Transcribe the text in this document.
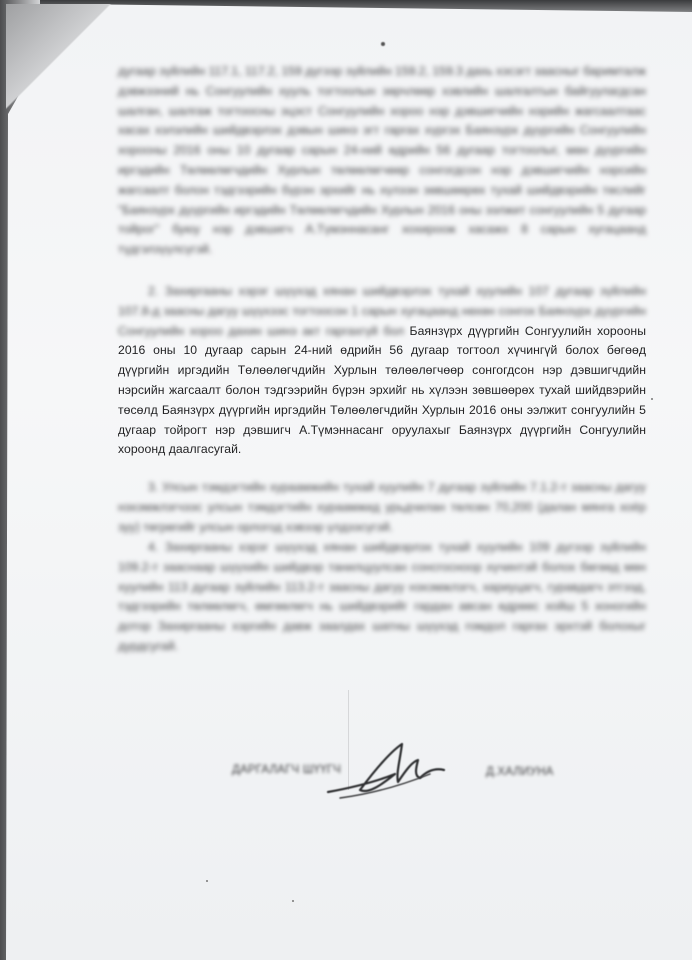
дугаар зүйлийн 117.1, 117.2, 159 дүгээр зүйлийн 159.2, 159.3 дахь хэсэгт заасныг баримталж дэвжээний нь Сонгуулийн хууль тогтоолын зөрчлөөр хэвлийн шалгалтын байгуулагдсан шалган, шалгаж тогтоосны эцэст Сонгуулийн хороо нэр дэвшигчийн нэрийн жагсаалтаас хасах хэлэлийн шийдвэрлэх дэвын шинэ эгт гаргах хүргэх Баянзүрх дүүргийн Сонгуулийн хорооны 2016 оны 10 дугаар сарын 24-ний өдрийн 56 дугаар тогтоолыг, мөн дүүргийн иргэдийн Төлөөлөгчдийн Хурлын төлөөлөгчөөр сонгогдсон нэр дэвшигчийн нэрсийн жагсаалт болон тэдгээрийн бүрэн эрхийг нь хүлээн зөвшөөрөх тухай шийдвэрийн төслийг "Баянзүрх дүүргийн иргэдийн Төлөөлөгчдийн Хурлын 2016 оны ээлжит сонгуулийн 5 дугаар тойрог" буюу нэр дэвшигч А.Түмэннасанг хохироож хасажх 8 сарын хугацаанд түдгэлзүүлсүгэй.

2. Захиргааны хэрэг шүүхэд хянан шийдвэрлэх тухай хуулийн 107 дугаар зүйлийн 107.8-д заасны дагуу шүүхээс тогтоосон 1 сарын хугацаанд нөхөн сонгох Баянзүрх дүүргийн Сонгуулийн хороо дахин шинэ акт гаргахгүй бол Баянзүрх дүүргийн Сонгуулийн хорооны 2016 оны 10 дугаар сарын 24-ний өдрийн 56 дугаар тогтоол хүчингүй болох бөгөөд дүүргийн иргэдийн Төлөөлөгчдийн Хурлын төлөөлөгчөөр сонгогдсон нэр дэвшигчдийн нэрсийн жагсаалт болон тэдгээрийн бүрэн эрхийг нь хүлээн зөвшөөрөх тухай шийдвэрийн төсөлд Баянзүрх дүүргийн иргэдийн Төлөөлөгчдийн Хурлын 2016 оны ээлжит сонгуулийн 5 дугаар тойрогт нэр дэвшигч А.Түмэннасанг оруулахыг Баянзүрх дүүргийн Сонгуулийн хороонд даалгасугай.

3. Улсын тэмдэгтийн хураамжийн тухай хуулийн 7 дугаар зүйлийн 7.1.2-т заасны дагуу нэхэмжлэгчээс улсын тэмдэгтийн хураамжид урьдчилан төлсөн 70,200 (далан мянга хоёр зуу) төгрөгийг улсын орлогод хэвээр үлдээсүгэй.

4. Захиргааны хэрэг шүүхэд хянан шийдвэрлэх тухай хуулийн 109 дүгээр зүйлийн 109.2-т зааснаар шүүхийн шийдвэр танилцуулсан сонсгосноор хүчинтэй болох бөгөөд мөн хуулийн 113 дугаар зүйлийн 113.2-т заасны дагуу нэхэмжлэгч, хариуцагч, гуравдагч этгээд, тэдгээрийн төлөөлөгч, өмгөөлөгч нь шийдвэрийг гардан авсан өдрөөс хойш 5 хоногийн дотор Захиргааны хэргийн давж заалдах шатны шүүхэд гомдол гаргах эрхтэй болохыг дурдсугай.

ДАРГАЛАГЧ ШҮҮГЧ	Д.ХАЛИУНА
